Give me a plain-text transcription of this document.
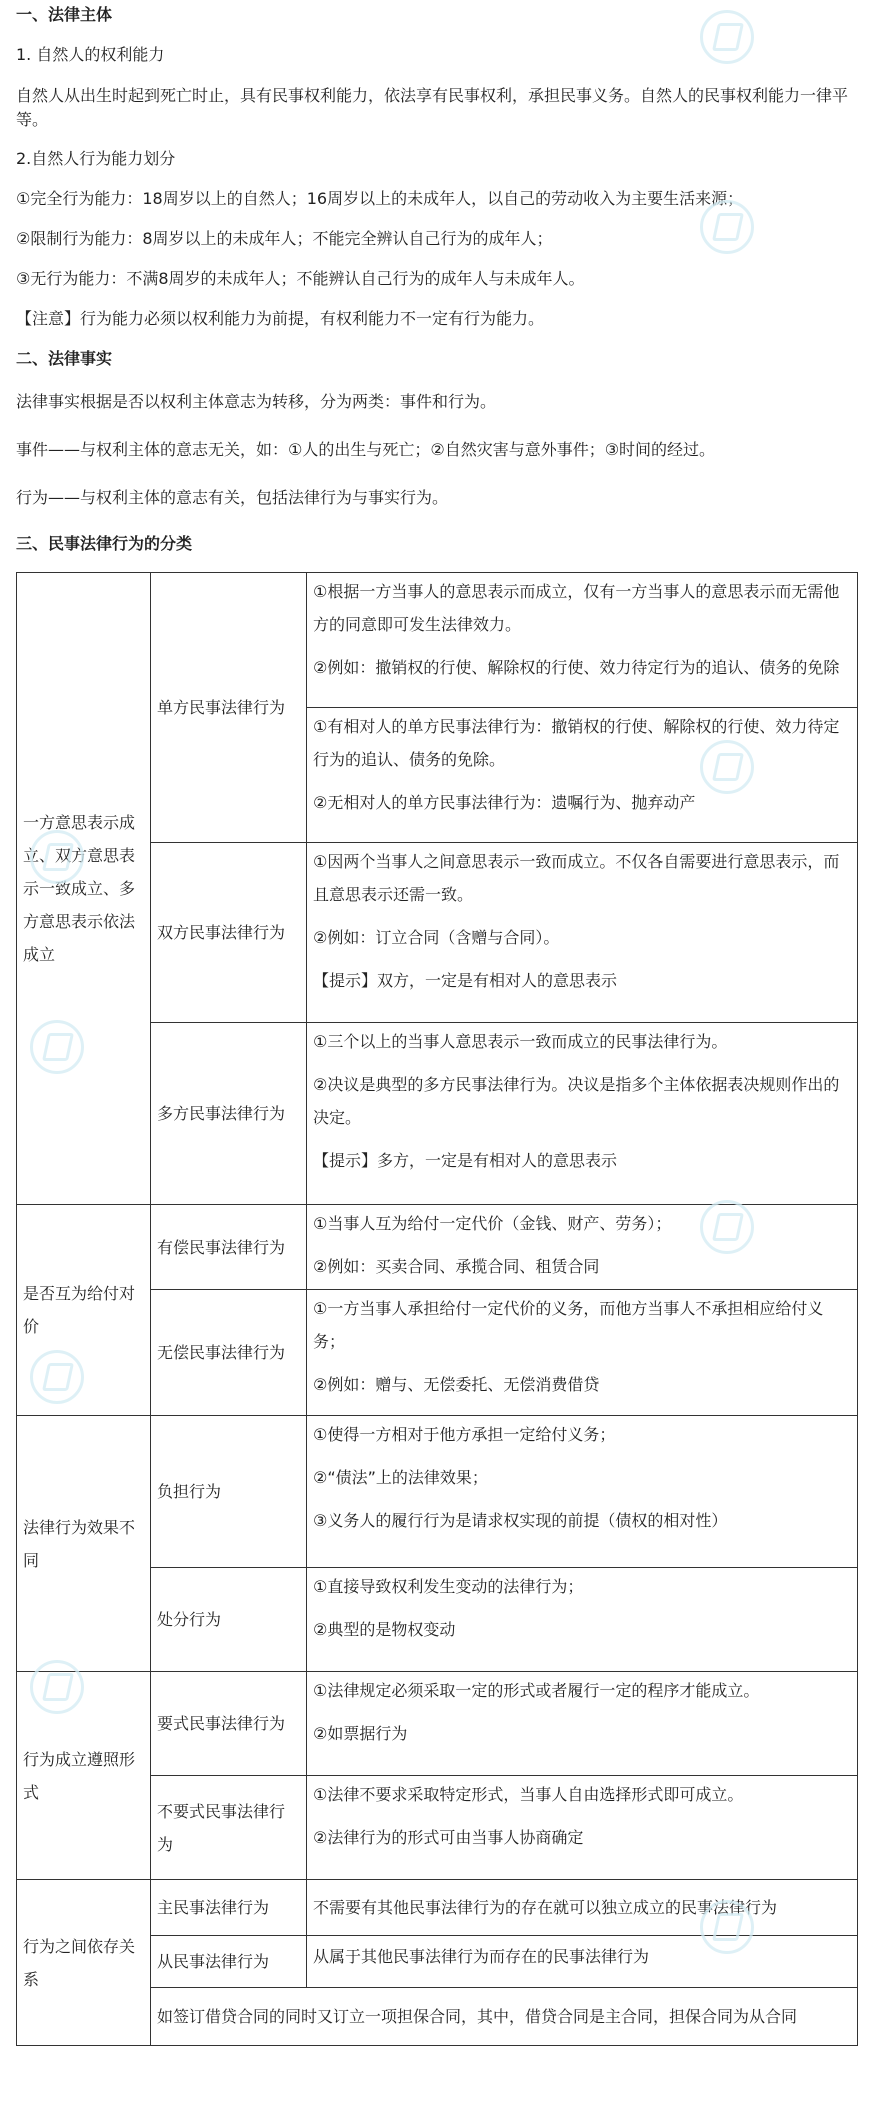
一、法律主体
1. 自然人的权利能力
自然人从出生时起到死亡时止，具有民事权利能力，依法享有民事权利，承担民事义务。自然人的民事权利能力一律平
等。
2.自然人行为能力划分
①完全行为能力：18周岁以上的自然人；16周岁以上的未成年人，以自己的劳动收入为主要生活来源；
②限制行为能力：8周岁以上的未成年人；不能完全辨认自己行为的成年人；
③无行为能力：不满8周岁的未成年人；不能辨认自己行为的成年人与未成年人。
【注意】行为能力必须以权利能力为前提，有权利能力不一定有行为能力。
二、法律事实
法律事实根据是否以权利主体意志为转移，分为两类：事件和行为。
事件——与权利主体的意志无关，如：①人的出生与死亡；②自然灾害与意外事件；③时间的经过。
行为——与权利主体的意志有关，包括法律行为与事实行为。
三、民事法律行为的分类
一方意思表示成立、双方意思表示一致成立、多方意思表示依法成立	单方民事法律行为	①根据一方当事人的意思表示而成立，仅有一方当事人的意思表示而无需他方的同意即可发生法律效力。

②例如：撤销权的行使、解除权的行使、效力待定行为的追认、债务的免除

		①有相对人的单方民事法律行为：撤销权的行使、解除权的行使、效力待定行为的追认、债务的免除。

②无相对人的单方民事法律行为：遗嘱行为、抛弃动产

	双方民事法律行为	①因两个当事人之间意思表示一致而成立。不仅各自需要进行意思表示，而且意思表示还需一致。

②例如：订立合同（含赠与合同）。

【提示】双方，一定是有相对人的意思表示

	多方民事法律行为	①三个以上的当事人意思表示一致而成立的民事法律行为。

②决议是典型的多方民事法律行为。决议是指多个主体依据表决规则作出的决定。

【提示】多方，一定是有相对人的意思表示

是否互为给付对价	有偿民事法律行为	①当事人互为给付一定代价（金钱、财产、劳务）；

②例如：买卖合同、承揽合同、租赁合同

	无偿民事法律行为	①一方当事人承担给付一定代价的义务，而他方当事人不承担相应给付义务；

②例如：赠与、无偿委托、无偿消费借贷

法律行为效果不同	负担行为	①使得一方相对于他方承担一定给付义务；

②“债法”上的法律效果；

③义务人的履行行为是请求权实现的前提（债权的相对性）

	处分行为	①直接导致权利发生变动的法律行为；

②典型的是物权变动

行为成立遵照形式	要式民事法律行为	①法律规定必须采取一定的形式或者履行一定的程序才能成立。

②如票据行为

	不要式民事法律行为	①法律不要求采取特定形式，当事人自由选择形式即可成立。

②法律行为的形式可由当事人协商确定

行为之间依存关系	主民事法律行为	不需要有其他民事法律行为的存在就可以独立成立的民事法律行为
	从民事法律行为	从属于其他民事法律行为而存在的民事法律行为
	如签订借贷合同的同时又订立一项担保合同，其中，借贷合同是主合同，担保合同为从合同	
